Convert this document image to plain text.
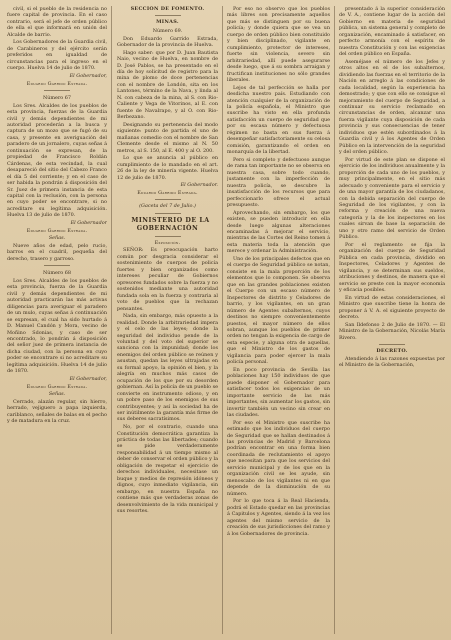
civil, si el pueblo de la residencia no fuere capital de provincia. En el caso contrario, será el jefe de orden público de ella el que informará en unión del Alcalde de barrio.

Los Gobernadores de la Guardia civil, de Carabineros y del ejército serán preferidos en igualdad de circunstancias para el ingreso en el cuerpo. Huelva 14 de julio de 1870.

El Gobernador,

Eduardo Garrido Estrada.

Número 67

Los Sres. Alcaldes de los pueblos de esta provincia, fuerzas de la Guardia civil y demás dependientes de mi autoridad procederán a la busca y captura de un mozo que se fugó de su casa, y presente en averiguación del paradero de un jornalero, cuyas señas á continuación se expresan, de la propiedad de Francisco Roldán Cárdenas, de esta vecindad, la cual desapareció del sitio del Cabezo Franco el día 5 del corriente; y en el caso de ser habida la pondrán á disposición del Sr. Juez de primera instancia de esta capital con la reclusión, con la persona en cuyo poder se encontrare, si no acreditare su legítima adquisición. Huelva 13 de julio de 1870.

El Gobernador

Eduardo Garrido Estrada.

Señas.

Nueve años de edad, pelo rucio, barros en el cuadril, pequeña del derecho, trasero y garroso.

Número 68

Los Sres. Alcaldes de los pueblos de esta provincia, fuerza de la Guardia civil y demás dependientes de mi autoridad practicarán las más activas diligencias para averiguar el paradero de un mulo, cuyas señas á continuación se expresan, el cual ha sido hurtado á D. Manuel Candón y Mora, vecino de Moñino Sdonias, y caso de ser encontrado, lo pondrán á disposición del señor juez de primera instancia de dicha ciudad, con la persona en cuyo poder se encontrare si no acreditare su legítima adquisición. Huelva 14 de julio de 1870.

El Gobernador,

Eduardo Garrido Estrada.

Señas.

Cerrado, alazán regular, sin hierro, herrado, vejiguero a papa izquierda, cariblanco, señales de balas en el pecho y de matadura en la cruz.

SECCIÓN DE FOMENTO.

MINAS.

Número 69.

Don Eduardo Garrido Estrada, Gobernador de la provincia de Huelva.

Hago saber: que por D. Juan Bautista Naio, vecino de Huelva, en nombre de D. José Pablos, se ha presentado en el día de hoy solicitud de registro para la mina de plomo de doce pertenencias con el nombre de Londón, sita en los Lantones, término de la Nava, y linda al N. con cabeza de la mina, al S. con Rio-Caliente y Vega de Vitorinos, al E. con fuente de Navalrapo, y al O. con Rio-Berbezano.

Designando su pertenencia del modo siguiente: punto de partida el uno de mañanas comedio con el nombre de San Clemente desde el mismo al N. 50 metros, al S. 150, al E. 400 y al O. 200.

Lo que se anuncia al público en cumplimiento de lo mandado en el art. 26 de la ley de minería vigente. Huelva 12 de julio de 1870.

El Gobernador.

Eduardo Garrido Estrada.

(Gaceta del 7 de Julio.)

MINISTERIO DE LA GOBERNACIÓN

Exposición.

SEÑOR: Es preocupación harto común por desgracia considerar el sostenimiento de cuerpos de policía fuertes y bien organizados como intereses peculiar de Gobiernos opresores fundados sobre la fuerza y no sostenidos mediante una autoridad fundada sola en la fuerza y contraria al voto de pueblos que la rechazan pensantes.

Nada, sin embargo, más opuesto a la realidad. Donde la arbitrariedad impera y el celo de las leyes; donde la seguridad del individuo pende de la voluntad y del voto del superior se sanciona con la impunidad; donde los enemigos del orden público se reúnen y asustan, quedan las leyes ultrajadas en su formal apoyo, la opinión el bien, y la alegría en muchos más casos de ocupación de los que por su desorden gobiernan. Así la policía de un pueblo se convierte en instrumento odioso, y en un pobre paso de los enemigos de sus contribuyentes; y así la sociedad ha de ser inútilmente la garantía más firme de sus deberes sacratísimos.

No, por el contrario, cuando una Constitución democrática garantiza la práctica de todas las libertades; cuando se pide verdaderamente responsabilidad á un tiempo mismo al deber de conservar el orden público y la obligación de respetar el ejercicio de derechos individuales, necesitase un buque y medios de represión idóneos y dignos, cuyo inmediato vigilancia, sin embargo, en nuestra España no contiene más que verdaderas zonas de desenvolvimiento de la vida municipal y sus resortes.

Por eso no observo que los pueblos más libres son precisamente aquellos que más se distinguen por su buena policía; y donde quiera que se vea un cuerpo de orden público bien constituido y bien disciplinado, vigilante en cumplimiento, protector de intereses, fuerte sin violencia, severo sin arbitrariedad, allí puede asegurarse desde luego, que á su sombra arraigan y fructifican instituciones no sólo grandes liberales.

Lejos de tal perfección se halla por desdicha nuestro país. Estudiando con atención cualquier de la organización de la policía española, el Ministro que suscribe ha visto en ella profunda satisfacción un cuerpo de seguridad que por su escasa número y defectuosa régimen no basta en sus fuerza á desempeñar satisfactoriamente su celosa comisión, garantizando el orden en monarquía de la libertad.

Pero si completo y defectuoso aunque de rama tan importante no se observa en nuestra casa, sobre todo cuando, justamente con la imperfección de nuestra policía, se descubre la insatisfacción de los recursos que para perfeccionarlo ofrece el actual presupuesto.

Aprovechando, sin embargo, los que existen, se pueden introducir en ella desde luego algunas alteraciones encaminadas á mejorar el servicio, mientras de las Cortes del Reino tomen á esta materia toda la atención que merece y ordenar la Administración.

Uno de los principales defectos que en el cuerpo de Seguridad público se notan, consiste en la mala proporción de los elementos que lo componen. Se observa que en las grandes poblaciones existen el Cuerpo con un escaso número de Inspectores de distrito y Celadores de barrio, y los vigilantes, en un gran número de Agentes subalternos, cuyos destinos no siempre convenientemente puestos, el mayor número de ellos sobran, aunque los pueblos de primer orden no tengan la exigencia de cargo de esta especie, y alguna otra de aquellas, que el Ministro de los gastos de vigilancia para poder ejercer la mala policía personal.

En poco provincia de Sevilla las poblaciones hay 150 individuos de que puede disponer el Gobernador para satisfacer todos los exigencias de un importante servicio de las más importantes, sin aumentar los gastos, sin invertir también un vecino sin crear en las ciudades.

Por eso el Ministro que suscribe ha estimado que los individuos del cuerpo de Seguridad que se hallan destinados á las provincias de Madrid y Barcelona podrían encontrar en una forma bien coordinada de reclutamiento el apoyo que necesitan para que los servicios del servicio municipal y de los que en la organización civil se les ayude, sin menoscabo de los vigilantes ni en que depende de la disminución de su número.

Por lo que toca á la Real Hacienda, podrá el Estado quedar en las provincias á Capitulos y Agentes, siendo á la vez los agentes del mismo servicio de la creación de sus jurisdicciones del ramo y á los Gobernadores de provincia.

presentado á la superior consideración de V. A., contiene lugar de la acción del Gobierno en materia de seguridad pública, un sistema general y completo de organización, encaminado á satisfacer, en perfecto armonía con el espíritu de nuestra Constitución y con las exigencias del orden público en España.

Aseméjase el número de los Jefes y otros altos en el de los subalternos, dividiendo las fuerzas en el territorio de la Nación en arreglo á las condiciones de cada localidad, según la experiencia ha demostrado; y que con ello se consigue el mejoramiento del cuerpo de Seguridad, a continuar su servicio reclamado en circunstancias de orden, alcanzar una fuerza vigilante cuya disposición de cada provincia y sus consecuencias de tener individuos que estén subordinados á la Guardia civil y á los Agentes de Orden Público en la intervención de la seguridad y del orden público.

Por virtud de este plan se dispone el ejercicio de los individuos anualmente y la proporción de cada uno de los pueblos, y muy principalmente, en el sitio más adecuado y conveniente para el servicio y de una mayor garantía de los ciudadanos, con la debida separación del cuerpo de Seguridad de los vigilantes, y con la reforma y creación de una nueva categoría y la de los inspectores en los cuales sirvan de base la separación de uno y otro ramo del servicio de Orden Público.

Por el reglamento se fija la organización del cuerpo de Seguridad Pública en cada provincia, dividido en Inspectores, Celadores y Agentes de vigilancia, y se determinan sus sueldos, atribuciones y destinos, de manera que el servicio se preste con la mayor economía y eficacia posibles.

En virtud de estas consideraciones, el Ministro que suscribe tiene la honra de proponer á V. A. el siguiente proyecto de decreto.

San Ildefonso 2 de Julio de 1870. — El Ministro de la Gobernación, Nicolás María Rivero.

DECRETO.

Atendiendo á las razones expuestas por el Ministro de la Gobernación,
